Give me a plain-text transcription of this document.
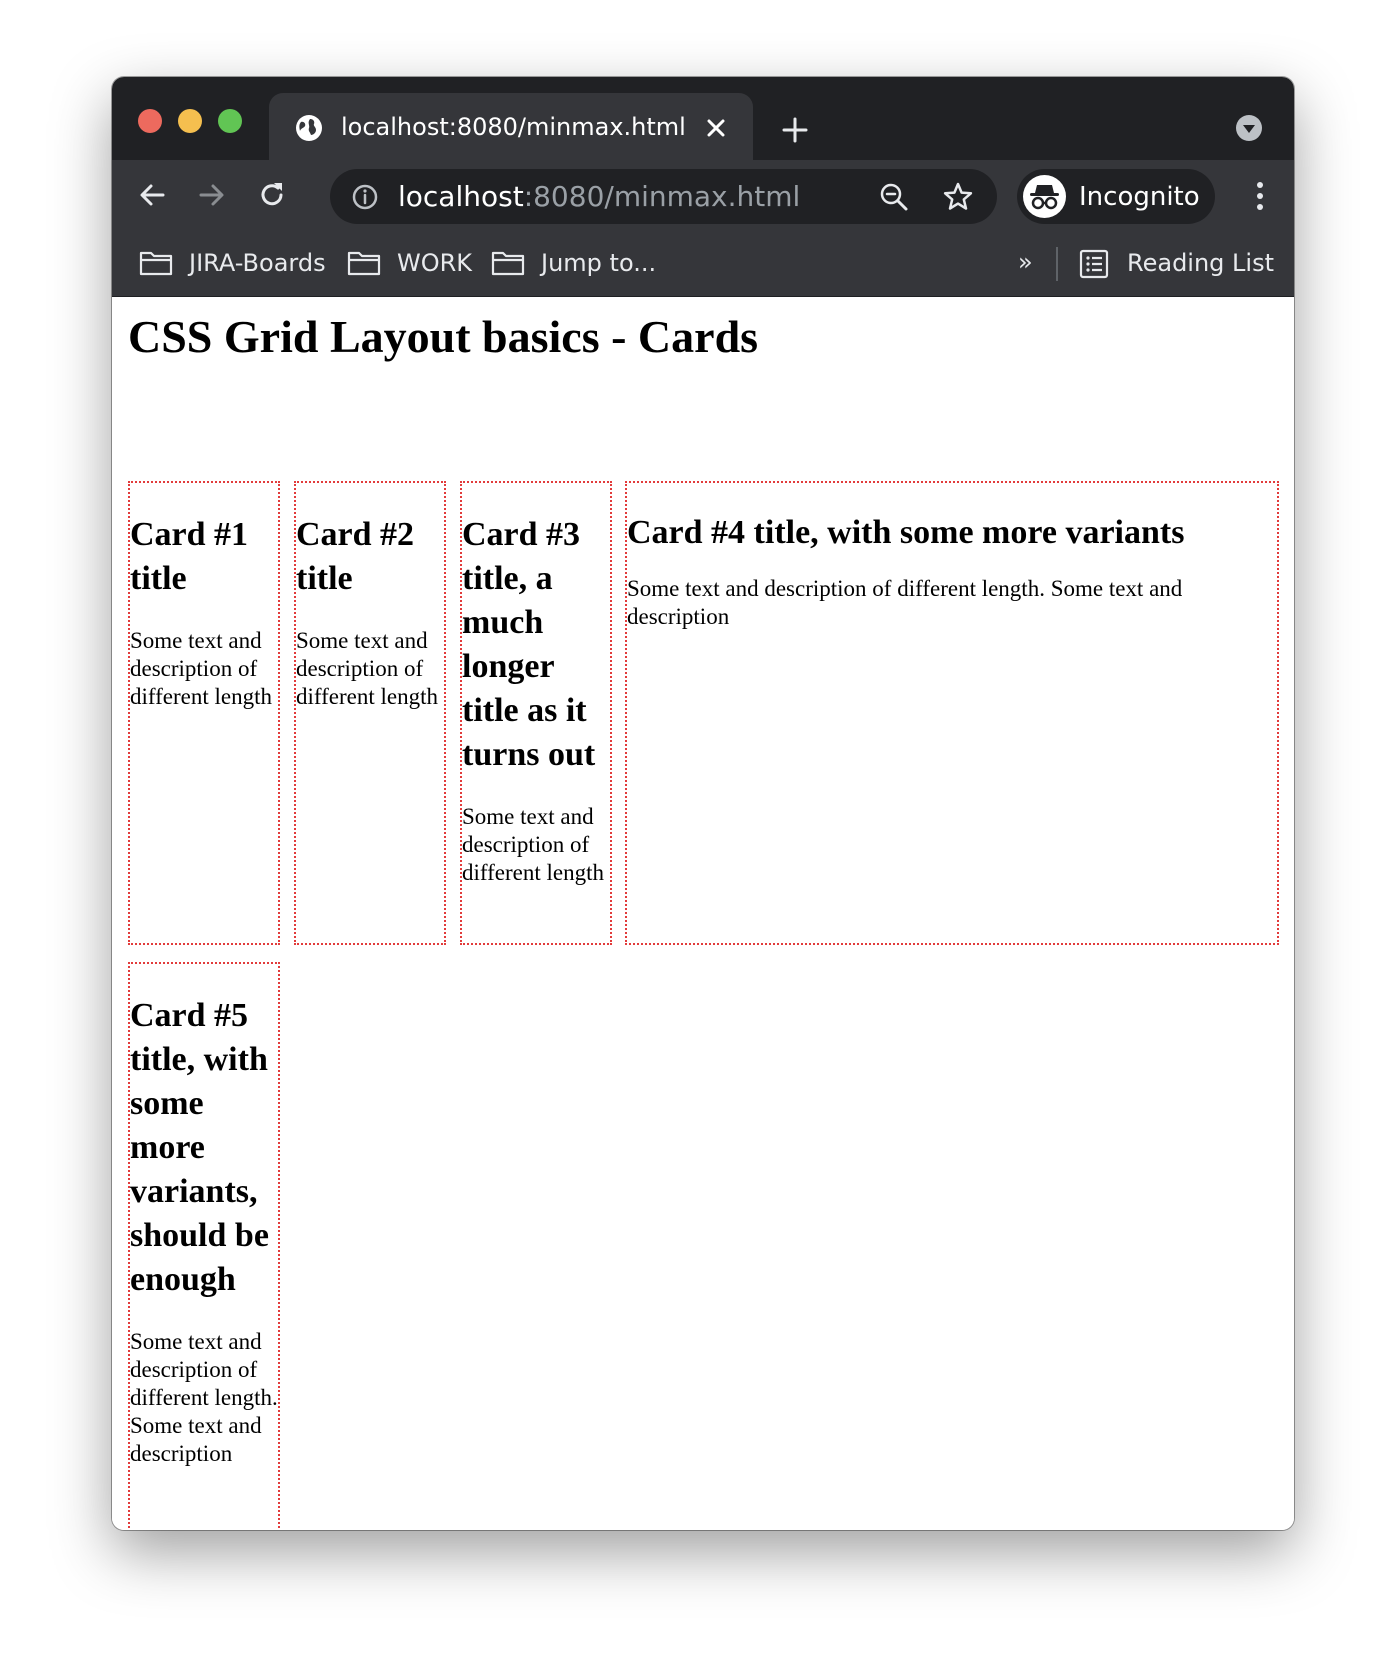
localhost:8080/minmax.html
localhost:8080/minmax.html	Incognito
JIRA-Boards	WORK	Jump to...	»	Reading List
CSS Grid Layout basics - Cards
Card #1 title

Some text and description of different length

Card #2 title

Some text and description of different length

Card #3 title, a much longer title as it turns out

Some text and description of different length

Card #4 title, with some more variants

Some text and description of different length. Some text and description

Card #5 title, with some more variants, should be enough

Some text and description of different length. Some text and description
